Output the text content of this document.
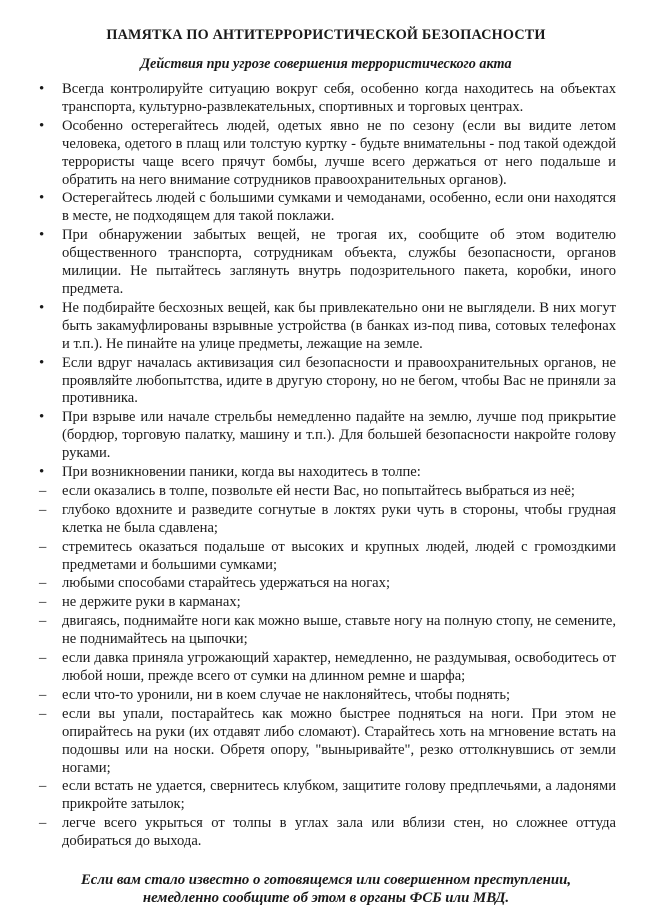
ПАМЯТКА ПО АНТИТЕРРОРИСТИЧЕСКОЙ БЕЗОПАСНОСТИ
Действия при угрозе совершения террористического акта
• Всегда контролируйте ситуацию вокруг себя, особенно когда находитесь на объектах транспорта, культурно-развлекательных, спортивных и торговых центрах.
• Особенно остерегайтесь людей, одетых явно не по сезону (если вы видите летом человека, одетого в плащ или толстую куртку - будьте внимательны - под такой одеждой террористы чаще всего прячут бомбы, лучше всего держаться от него подальше и обратить на него внимание сотрудников правоохранительных органов).
• Остерегайтесь людей с большими сумками и чемоданами, особенно, если они находятся в месте, не подходящем для такой поклажи.
• При обнаружении забытых вещей, не трогая их, сообщите об этом водителю общественного транспорта, сотрудникам объекта, службы безопасности, органов милиции. Не пытайтесь заглянуть внутрь подозрительного пакета, коробки, иного предмета.
• Не подбирайте бесхозных вещей, как бы привлекательно они не выглядели. В них могут быть закамуфлированы взрывные устройства (в банках из-под пива, сотовых телефонах и т.п.). Не пинайте на улице предметы, лежащие на земле.
• Если вдруг началась активизация сил безопасности и правоохранительных органов, не проявляйте любопытства, идите в другую сторону, но не бегом, чтобы Вас не приняли за противника.
• При взрыве или начале стрельбы немедленно падайте на землю, лучше под прикрытие (бордюр, торговую палатку, машину и т.п.). Для большей безопасности накройте голову руками.
• При возникновении паники, когда вы находитесь в толпе:
– если оказались в толпе, позвольте ей нести Вас, но попытайтесь выбраться из неё;
– глубоко вдохните и разведите согнутые в локтях руки чуть в стороны, чтобы грудная клетка не была сдавлена;
– стремитесь оказаться подальше от высоких и крупных людей, людей с громоздкими предметами и большими сумками;
– любыми способами старайтесь удержаться на ногах;
– не держите руки в карманах;
– двигаясь, поднимайте ноги как можно выше, ставьте ногу на полную стопу, не семените, не поднимайтесь на цыпочки;
– если давка приняла угрожающий характер, немедленно, не раздумывая, освободитесь от любой ноши, прежде всего от сумки на длинном ремне и шарфа;
– если что-то уронили, ни в коем случае не наклоняйтесь, чтобы поднять;
– если вы упали, постарайтесь как можно быстрее подняться на ноги. При этом не опирайтесь на руки (их отдавят либо сломают). Старайтесь хоть на мгновение встать на подошвы или на носки. Обретя опору, "выныривайте", резко оттолкнувшись от земли ногами;
– если встать не удается, свернитесь клубком, защитите голову предплечьями, а ладонями прикройте затылок;
– легче всего укрыться от толпы в углах зала или вблизи стен, но сложнее оттуда добираться до выхода.
Если вам стало известно о готовящемся или совершенном преступлении,
немедленно сообщите об этом в органы ФСБ или МВД.
